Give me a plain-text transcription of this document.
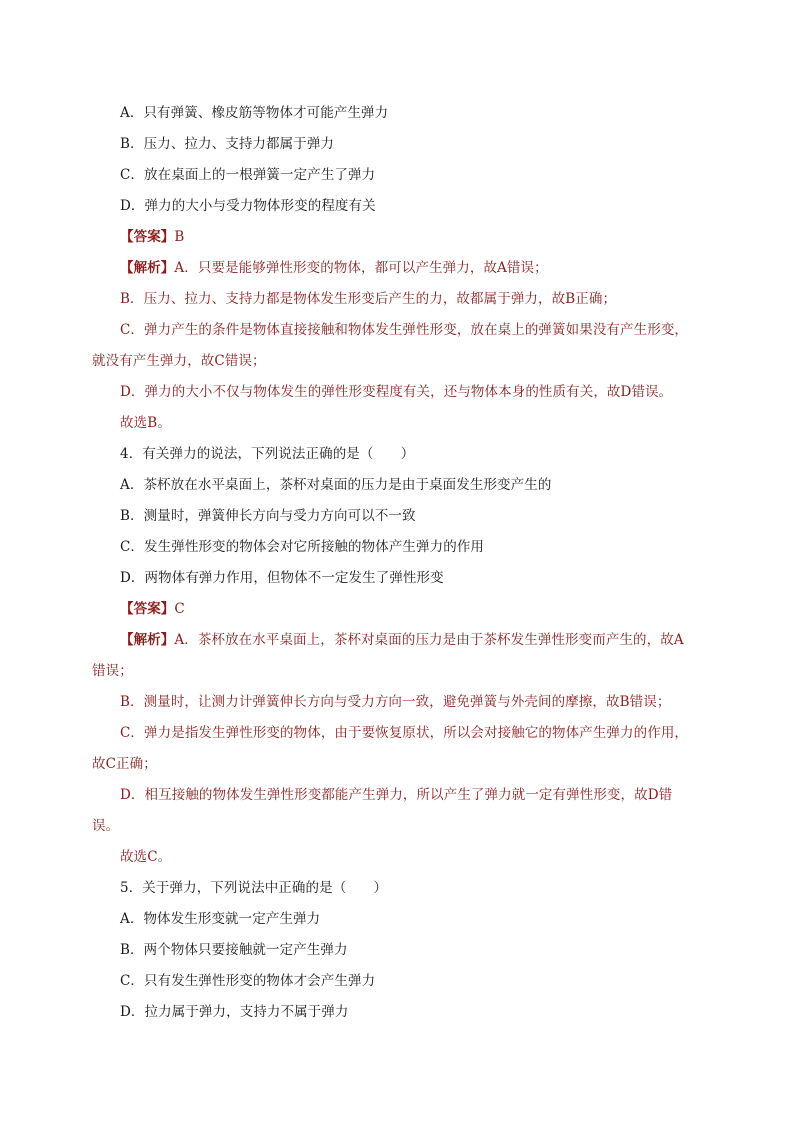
A．只有弹簧、橡皮筋等物体才可能产生弹力
B．压力、拉力、支持力都属于弹力
C．放在桌面上的一根弹簧一定产生了弹力
D．弹力的大小与受力物体形变的程度有关
【答案】B
【解析】A．只要是能够弹性形变的物体，都可以产生弹力，故A错误；
B．压力、拉力、支持力都是物体发生形变后产生的力，故都属于弹力，故B正确；
C．弹力产生的条件是物体直接接触和物体发生弹性形变，放在桌上的弹簧如果没有产生形变，
就没有产生弹力，故C错误；
D．弹力的大小不仅与物体发生的弹性形变程度有关，还与物体本身的性质有关，故D错误。
故选B。
4．有关弹力的说法，下列说法正确的是（　　）
A．茶杯放在水平桌面上，茶杯对桌面的压力是由于桌面发生形变产生的
B．测量时，弹簧伸长方向与受力方向可以不一致
C．发生弹性形变的物体会对它所接触的物体产生弹力的作用
D．两物体有弹力作用，但物体不一定发生了弹性形变
【答案】C
【解析】A．茶杯放在水平桌面上，茶杯对桌面的压力是由于茶杯发生弹性形变而产生的，故A
错误；
B．测量时，让测力计弹簧伸长方向与受力方向一致，避免弹簧与外壳间的摩擦，故B错误；
C．弹力是指发生弹性形变的物体，由于要恢复原状，所以会对接触它的物体产生弹力的作用，
故C正确；
D．相互接触的物体发生弹性形变都能产生弹力，所以产生了弹力就一定有弹性形变，故D错
误。
故选C。
5．关于弹力，下列说法中正确的是（　　）
A．物体发生形变就一定产生弹力
B．两个物体只要接触就一定产生弹力
C．只有发生弹性形变的物体才会产生弹力
D．拉力属于弹力，支持力不属于弹力
